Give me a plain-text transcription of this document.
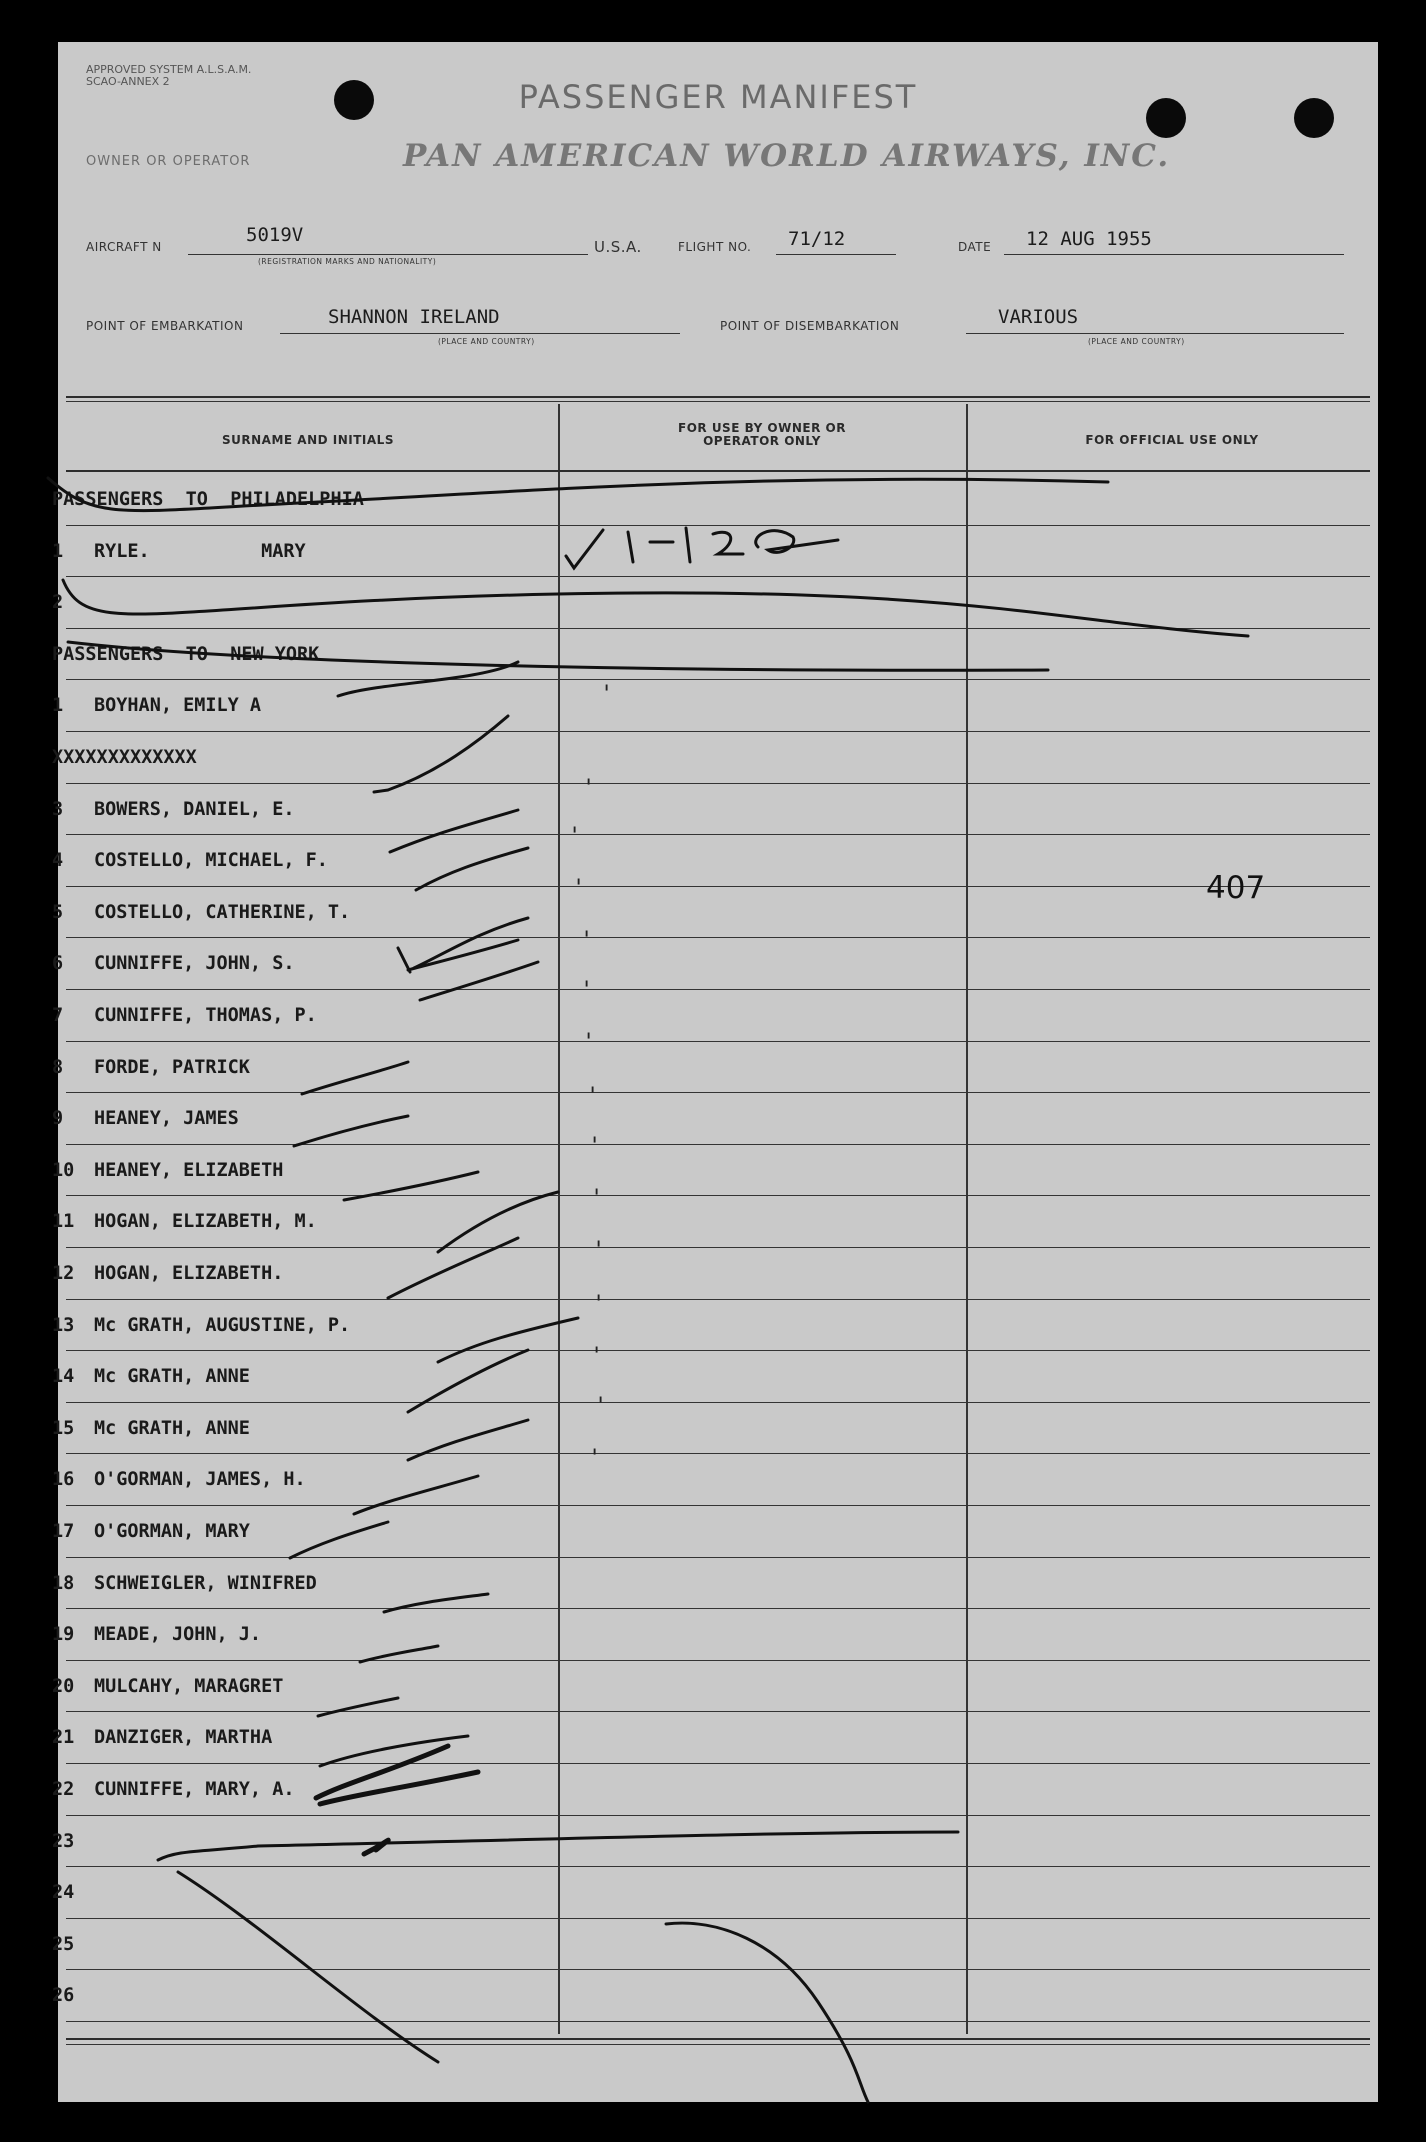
APPROVED SYSTEM A.L.S.A.M. SCAO-ANNEX 2	PASSENGER MANIFEST
OWNER OR OPERATOR	PAN AMERICAN WORLD AIRWAYS, INC.
AIRCRAFT N
5019V
(REGISTRATION MARKS AND NATIONALITY)
U.S.A.	FLIGHT NO. 71/12	DATE 12 AUG 1955
POINT OF EMBARKATION	SHANNON IRELAND
(PLACE AND COUNTRY)
POINT OF DISEMBARKATION	VARIOUS
(PLACE AND COUNTRY)
SURNAME AND INITIALS
FOR USE BY OWNER OR OPERATOR ONLY	FOR OFFICIAL USE ONLY
PASSENGERS  TO  PHILADELPHIA
1	RYLE.          MARY
2
PASSENGERS  TO  NEW YORK
1	BOYHAN, EMILY A
XXXXXXXXXXXXX
3	BOWERS, DANIEL, E.
4	COSTELLO, MICHAEL, F.
5	COSTELLO, CATHERINE, T.
6	CUNNIFFE, JOHN, S.
7	CUNNIFFE, THOMAS, P.
8	FORDE, PATRICK
9	HEANEY, JAMES
10	HEANEY, ELIZABETH
11	HOGAN, ELIZABETH, M.
12	HOGAN, ELIZABETH.
13	Mc GRATH, AUGUSTINE, P.
14	Mc GRATH, ANNE
15	Mc GRATH, ANNE
16	O'GORMAN, JAMES, H.
17	O'GORMAN, MARY
18	SCHWEIGLER, WINIFRED
19	MEADE, JOHN, J.
20	MULCAHY, MARAGRET
21	DANZIGER, MARTHA
22	CUNNIFFE, MARY, A.
23
24
25
26
'
'
'
'
'
'
'
'
'
'
'
'
'
'
'
407
